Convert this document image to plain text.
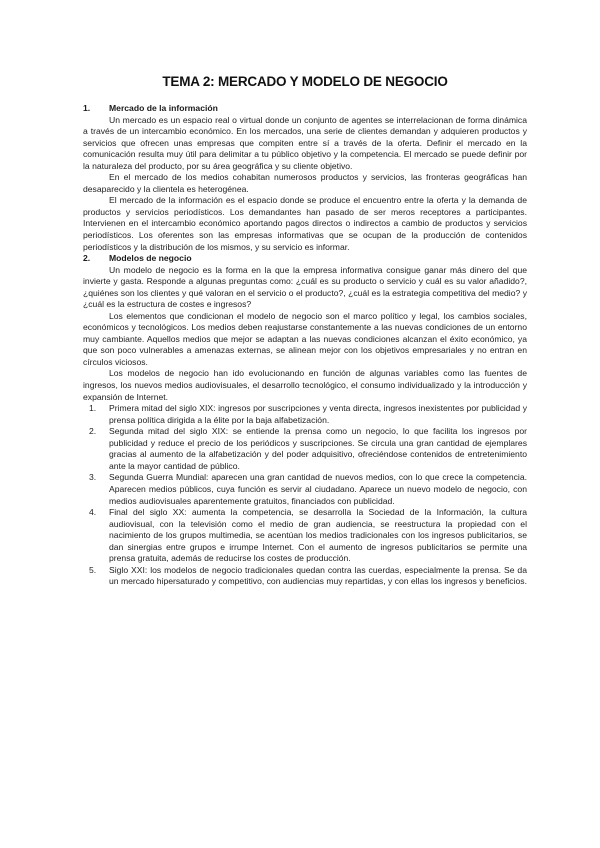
TEMA 2: MERCADO Y MODELO DE NEGOCIO
1.	Mercado de la información

Un mercado es un espacio real o virtual donde un conjunto de agentes se interrelacionan de forma dinámica a través de un intercambio económico. En los mercados, una serie de clientes demandan y adquieren productos y servicios que ofrecen unas empresas que compiten entre sí a través de la oferta. Definir el mercado en la comunicación resulta muy útil para delimitar a tu público objetivo y la competencia. El mercado se puede definir por la naturaleza del producto, por su área geográfica y su cliente objetivo.

En el mercado de los medios cohabitan numerosos productos y servicios, las fronteras geográficas han desaparecido y la clientela es heterogénea.

El mercado de la información es el espacio donde se produce el encuentro entre la oferta y la demanda de productos y servicios periodísticos. Los demandantes han pasado de ser meros receptores a participantes. Intervienen en el intercambio económico aportando pagos directos o indirectos a cambio de productos y servicios periodísticos. Los oferentes son las empresas informativas que se ocupan de la producción de contenidos periodísticos y la distribución de los mismos, y su servicio es informar.

2.	Modelos de negocio

Un modelo de negocio es la forma en la que la empresa informativa consigue ganar más dinero del que invierte y gasta. Responde a algunas preguntas como: ¿cuál es su producto o servicio y cuál es su valor añadido?, ¿quiénes son los clientes y qué valoran en el servicio o el producto?, ¿cuál es la estrategia competitiva del medio? y ¿cuál es la estructura de costes e ingresos?

Los elementos que condicionan el modelo de negocio son el marco político y legal, los cambios sociales, económicos y tecnológicos. Los medios deben reajustarse constantemente a las nuevas condiciones de un entorno muy cambiante. Aquellos medios que mejor se adaptan a las nuevas condiciones alcanzan el éxito económico, ya que son poco vulnerables a amenazas externas, se alinean mejor con los objetivos empresariales y no entran en círculos viciosos.

Los modelos de negocio han ido evolucionando en función de algunas variables como las fuentes de ingresos, los nuevos medios audiovisuales, el desarrollo tecnológico, el consumo individualizado y la introducción y expansión de Internet.

1.	Primera mitad del siglo XIX: ingresos por suscripciones y venta directa, ingresos inexistentes por publicidad y prensa política dirigida a la élite por la baja alfabetización.
2.	Segunda mitad del siglo XIX: se entiende la prensa como un negocio, lo que facilita los ingresos por publicidad y reduce el precio de los periódicos y suscripciones. Se circula una gran cantidad de ejemplares gracias al aumento de la alfabetización y del poder adquisitivo, ofreciéndose contenidos de entretenimiento ante la mayor cantidad de público.
3.	Segunda Guerra Mundial: aparecen una gran cantidad de nuevos medios, con lo que crece la competencia. Aparecen medios públicos, cuya función es servir al ciudadano. Aparece un nuevo modelo de negocio, con medios audiovisuales aparentemente gratuitos, financiados con publicidad.
4.	Final del siglo XX: aumenta la competencia, se desarrolla la Sociedad de la Información, la cultura audiovisual, con la televisión como el medio de gran audiencia, se reestructura la propiedad con el nacimiento de los grupos multimedia, se acentúan los medios tradicionales con los ingresos publicitarios, se dan sinergias entre grupos e irrumpe Internet. Con el aumento de ingresos publicitarios se permite una prensa gratuita, además de reducirse los costes de producción.
5.	Siglo XXI: los modelos de negocio tradicionales quedan contra las cuerdas, especialmente la prensa. Se da un mercado hipersaturado y competitivo, con audiencias muy repartidas, y con ellas los ingresos y beneficios.
